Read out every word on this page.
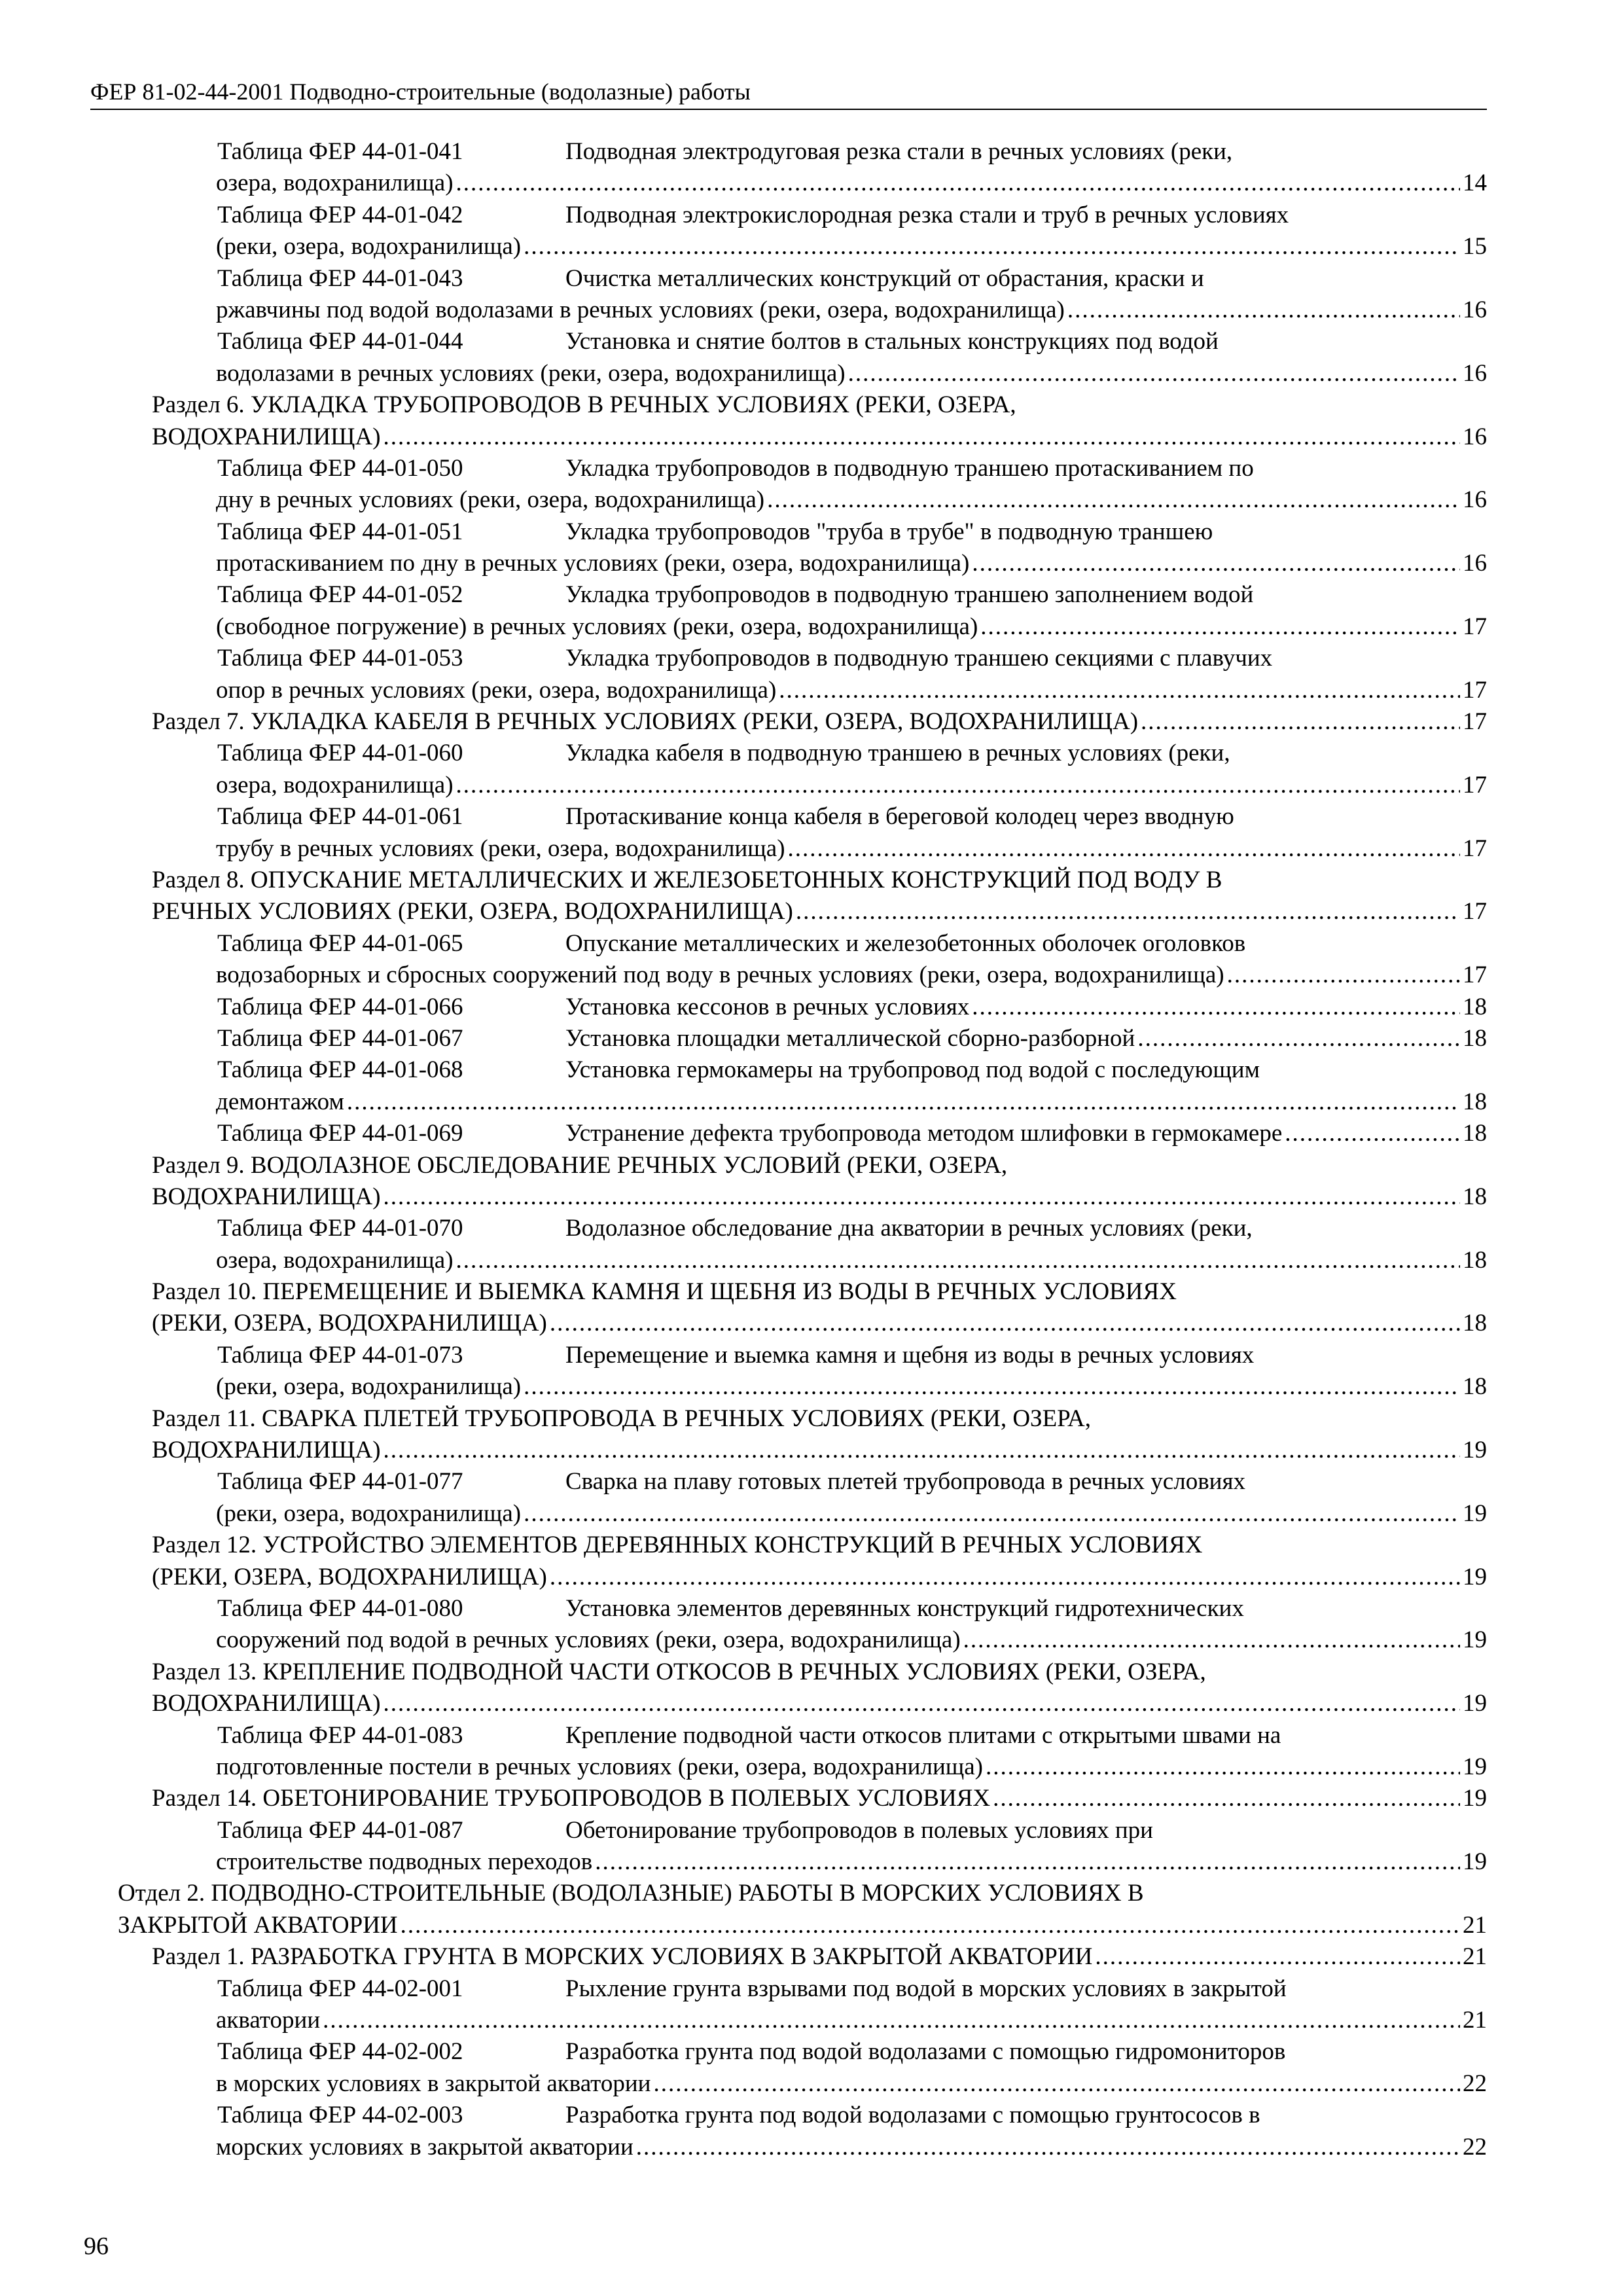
ФЕР 81-02-44-2001 Подводно-строительные (водолазные) работы
Таблица ФЕР 44-01-041	Подводная электродуговая резка стали в речных условиях (реки,
озера, водохранилища) .....	14
Таблица ФЕР 44-01-042	Подводная электрокислородная резка стали и труб в речных условиях
(реки, озера, водохранилища) .....	15
Таблица ФЕР 44-01-043	Очистка металлических конструкций от обрастания, краски и
ржавчины под водой водолазами в речных условиях (реки, озера, водохранилища) .....	16
Таблица ФЕР 44-01-044	Установка и снятие болтов в стальных конструкциях под водой
водолазами в речных условиях (реки, озера, водохранилища) .....	16
Раздел 6. УКЛАДКА ТРУБОПРОВОДОВ В РЕЧНЫХ УСЛОВИЯХ (РЕКИ, ОЗЕРА,
ВОДОХРАНИЛИЩА) .....	16
Таблица ФЕР 44-01-050	Укладка трубопроводов в подводную траншею протаскиванием по
дну в речных условиях (реки, озера, водохранилища) .....	16
Таблица ФЕР 44-01-051	Укладка трубопроводов "труба в трубе" в подводную траншею
протаскиванием по дну в речных условиях (реки, озера, водохранилища) .....	16
Таблица ФЕР 44-01-052	Укладка трубопроводов в подводную траншею заполнением водой
(свободное погружение) в речных условиях (реки, озера, водохранилища) .....	17
Таблица ФЕР 44-01-053	Укладка трубопроводов в подводную траншею секциями с плавучих
опор в речных условиях (реки, озера, водохранилища) .....	17
Раздел 7. УКЛАДКА КАБЕЛЯ В РЕЧНЫХ УСЛОВИЯХ (РЕКИ, ОЗЕРА, ВОДОХРАНИЛИЩА) .....	17
Таблица ФЕР 44-01-060	Укладка кабеля в подводную траншею в речных условиях (реки,
озера, водохранилища) .....	17
Таблица ФЕР 44-01-061	Протаскивание конца кабеля в береговой колодец через вводную
трубу в речных условиях (реки, озера, водохранилища) .....	17
Раздел 8. ОПУСКАНИЕ МЕТАЛЛИЧЕСКИХ И ЖЕЛЕЗОБЕТОННЫХ КОНСТРУКЦИЙ ПОД ВОДУ В
РЕЧНЫХ УСЛОВИЯХ (РЕКИ, ОЗЕРА, ВОДОХРАНИЛИЩА) .....	17
Таблица ФЕР 44-01-065	Опускание металлических и железобетонных оболочек оголовков
водозаборных и сбросных сооружений под воду в речных условиях (реки, озера, водохранилища) .....	17
Таблица ФЕР 44-01-066	Установка кессонов в речных условиях .....	18
Таблица ФЕР 44-01-067	Установка площадки металлической сборно-разборной .....	18
Таблица ФЕР 44-01-068	Установка гермокамеры на трубопровод под водой с последующим
демонтажом .....	18
Таблица ФЕР 44-01-069	Устранение дефекта трубопровода методом шлифовки в гермокамере .....	18
Раздел 9. ВОДОЛАЗНОЕ ОБСЛЕДОВАНИЕ РЕЧНЫХ УСЛОВИЙ (РЕКИ, ОЗЕРА,
ВОДОХРАНИЛИЩА) .....	18
Таблица ФЕР 44-01-070	Водолазное обследование дна акватории в речных условиях (реки,
озера, водохранилища) .....	18
Раздел 10. ПЕРЕМЕЩЕНИЕ И ВЫЕМКА КАМНЯ И ЩЕБНЯ ИЗ ВОДЫ В РЕЧНЫХ УСЛОВИЯХ
(РЕКИ, ОЗЕРА, ВОДОХРАНИЛИЩА) .....	18
Таблица ФЕР 44-01-073	Перемещение и выемка камня и щебня из воды в речных условиях
(реки, озера, водохранилища) .....	18
Раздел 11. СВАРКА ПЛЕТЕЙ ТРУБОПРОВОДА В РЕЧНЫХ УСЛОВИЯХ (РЕКИ, ОЗЕРА,
ВОДОХРАНИЛИЩА) .....	19
Таблица ФЕР 44-01-077	Сварка на плаву готовых плетей трубопровода в речных условиях
(реки, озера, водохранилища) .....	19
Раздел 12. УСТРОЙСТВО ЭЛЕМЕНТОВ ДЕРЕВЯННЫХ КОНСТРУКЦИЙ В РЕЧНЫХ УСЛОВИЯХ
(РЕКИ, ОЗЕРА, ВОДОХРАНИЛИЩА) .....	19
Таблица ФЕР 44-01-080	Установка элементов деревянных конструкций гидротехнических
сооружений под водой в речных условиях (реки, озера, водохранилища) .....	19
Раздел 13. КРЕПЛЕНИЕ ПОДВОДНОЙ ЧАСТИ ОТКОСОВ В РЕЧНЫХ УСЛОВИЯХ (РЕКИ, ОЗЕРА,
ВОДОХРАНИЛИЩА) .....	19
Таблица ФЕР 44-01-083	Крепление подводной части откосов плитами с открытыми швами на
подготовленные постели в речных условиях (реки, озера, водохранилища) .....	19
Раздел 14. ОБЕТОНИРОВАНИЕ ТРУБОПРОВОДОВ В ПОЛЕВЫХ УСЛОВИЯХ .....	19
Таблица ФЕР 44-01-087	Обетонирование трубопроводов в полевых условиях при
строительстве подводных переходов .....	19
Отдел 2. ПОДВОДНО-СТРОИТЕЛЬНЫЕ (ВОДОЛАЗНЫЕ) РАБОТЫ В МОРСКИХ УСЛОВИЯХ В
ЗАКРЫТОЙ АКВАТОРИИ .....	21
Раздел 1. РАЗРАБОТКА ГРУНТА В МОРСКИХ УСЛОВИЯХ В ЗАКРЫТОЙ АКВАТОРИИ .....	21
Таблица ФЕР 44-02-001	Рыхление грунта взрывами под водой в морских условиях в закрытой
акватории .....	21
Таблица ФЕР 44-02-002	Разработка грунта под водой водолазами с помощью гидромониторов
в морских условиях в закрытой акватории .....	22
Таблица ФЕР 44-02-003	Разработка грунта под водой водолазами с помощью грунтососов в
морских условиях в закрытой акватории .....	22
96
